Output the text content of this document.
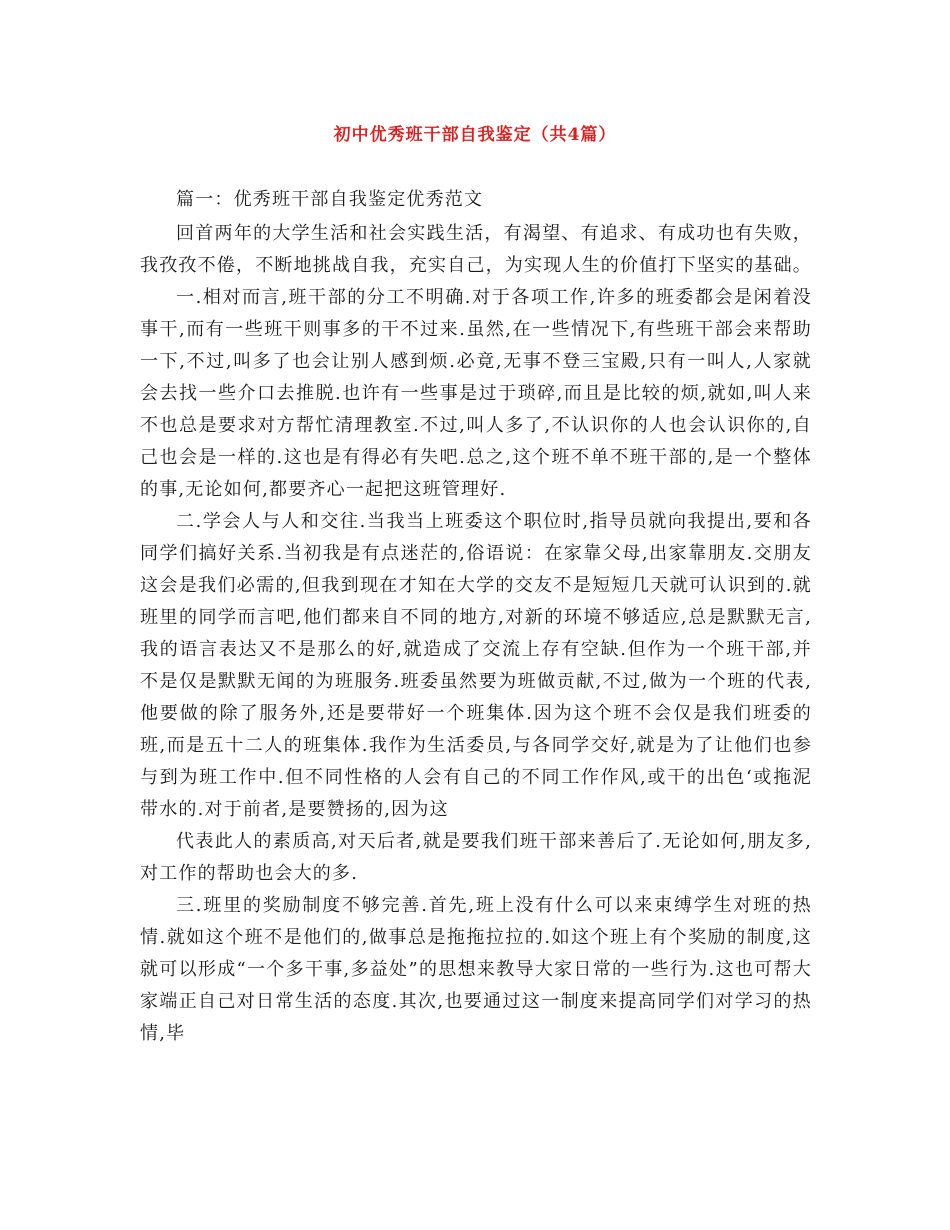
初中优秀班干部自我鉴定（共4篇）

篇一：优秀班干部自我鉴定优秀范文

回首两年的大学生活和社会实践生活，有渴望、有追求、有成功也有失败，我孜孜不倦，不断地挑战自我，充实自己，为实现人生的价值打下坚实的基础。

一.相对而言,班干部的分工不明确.对于各项工作,许多的班委都会是闲着没事干,而有一些班干则事多的干不过来.虽然,在一些情况下,有些班干部会来帮助一下,不过,叫多了也会让别人感到烦.必竟,无事不登三宝殿,只有一叫人,人家就会去找一些介口去推脱.也许有一些事是过于琐碎,而且是比较的烦,就如,叫人来不也总是要求对方帮忙清理教室.不过,叫人多了,不认识你的人也会认识你的,自己也会是一样的.这也是有得必有失吧.总之,这个班不单不班干部的,是一个整体的事,无论如何,都要齐心一起把这班管理好.

二.学会人与人和交往.当我当上班委这个职位时,指导员就向我提出,要和各同学们搞好关系.当初我是有点迷茫的,俗语说：在家靠父母,出家靠朋友.交朋友这会是我们必需的,但我到现在才知在大学的交友不是短短几天就可认识到的.就班里的同学而言吧,他们都来自不同的地方,对新的环境不够适应,总是默默无言,我的语言表达又不是那么的好,就造成了交流上存有空缺.但作为一个班干部,并不是仅是默默无闻的为班服务.班委虽然要为班做贡献,不过,做为一个班的代表,他要做的除了服务外,还是要带好一个班集体.因为这个班不会仅是我们班委的班,而是五十二人的班集体.我作为生活委员,与各同学交好,就是为了让他们也参与到为班工作中.但不同性格的人会有自己的不同工作作风,或干的出色‘或拖泥带水的.对于前者,是要赞扬的,因为这

代表此人的素质高,对天后者,就是要我们班干部来善后了.无论如何,朋友多,对工作的帮助也会大的多.

三.班里的奖励制度不够完善.首先,班上没有什么可以来束缚学生对班的热情.就如这个班不是他们的,做事总是拖拖拉拉的.如这个班上有个奖励的制度,这就可以形成“一个多干事,多益处”的思想来教导大家日常的一些行为.这也可帮大家端正自己对日常生活的态度.其次,也要通过这一制度来提高同学们对学习的热情,毕
